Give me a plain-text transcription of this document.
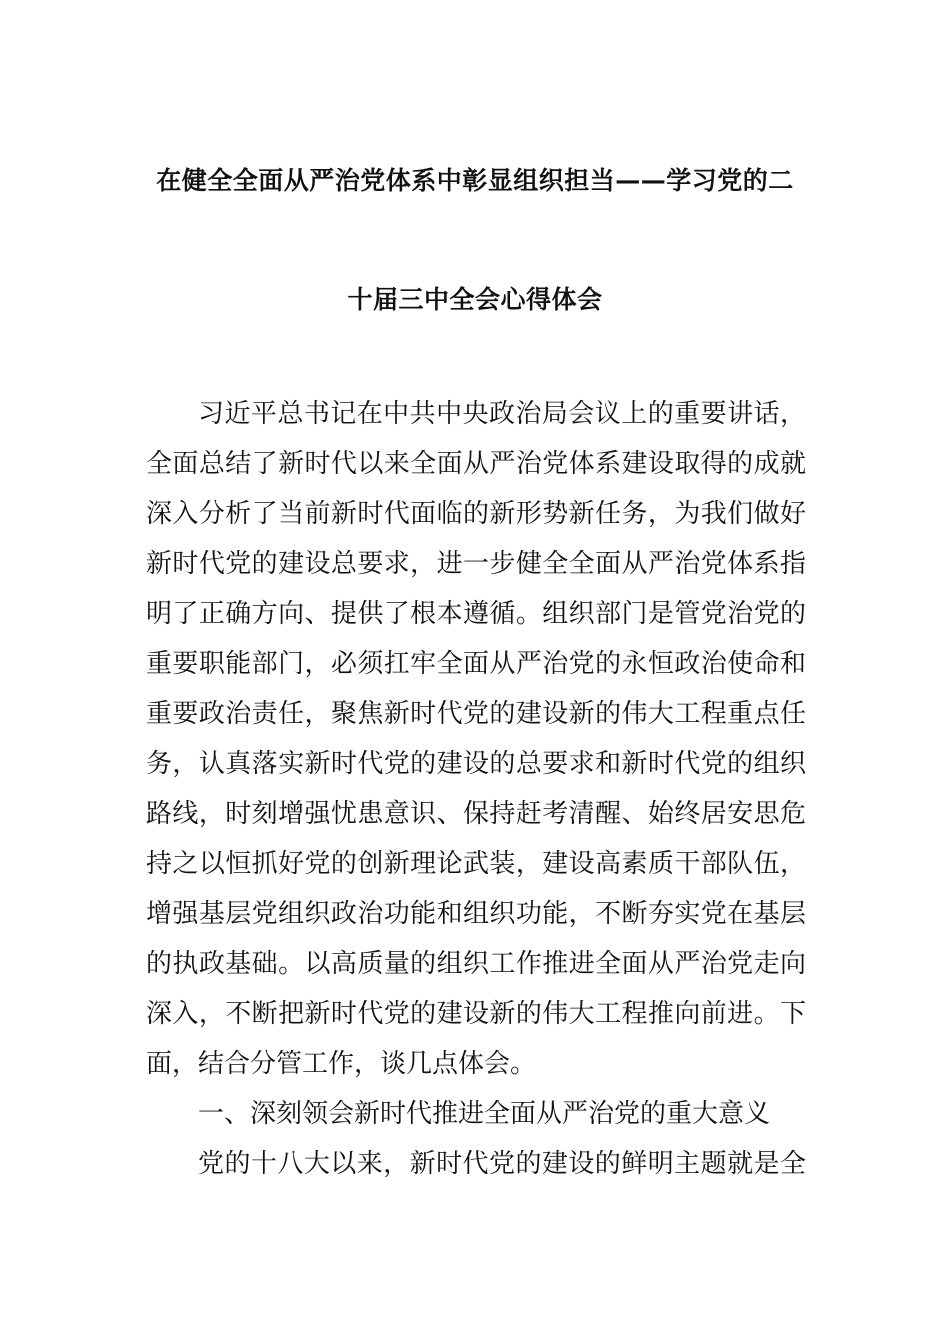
在健全全面从严治党体系中彰显组织担当——学习党的二
十届三中全会心得体会
习近平总书记在中共中央政治局会议上的重要讲话，
全面总结了新时代以来全面从严治党体系建设取得的成就
深入分析了当前新时代面临的新形势新任务，为我们做好
新时代党的建设总要求，进一步健全全面从严治党体系指
明了正确方向、提供了根本遵循。组织部门是管党治党的
重要职能部门，必须扛牢全面从严治党的永恒政治使命和
重要政治责任，聚焦新时代党的建设新的伟大工程重点任
务，认真落实新时代党的建设的总要求和新时代党的组织
路线，时刻增强忧患意识、保持赶考清醒、始终居安思危
持之以恒抓好党的创新理论武装，建设高素质干部队伍，
增强基层党组织政治功能和组织功能，不断夯实党在基层
的执政基础。以高质量的组织工作推进全面从严治党走向
深入，不断把新时代党的建设新的伟大工程推向前进。下
面，结合分管工作，谈几点体会。
一、深刻领会新时代推进全面从严治党的重大意义
党的十八大以来，新时代党的建设的鲜明主题就是全
